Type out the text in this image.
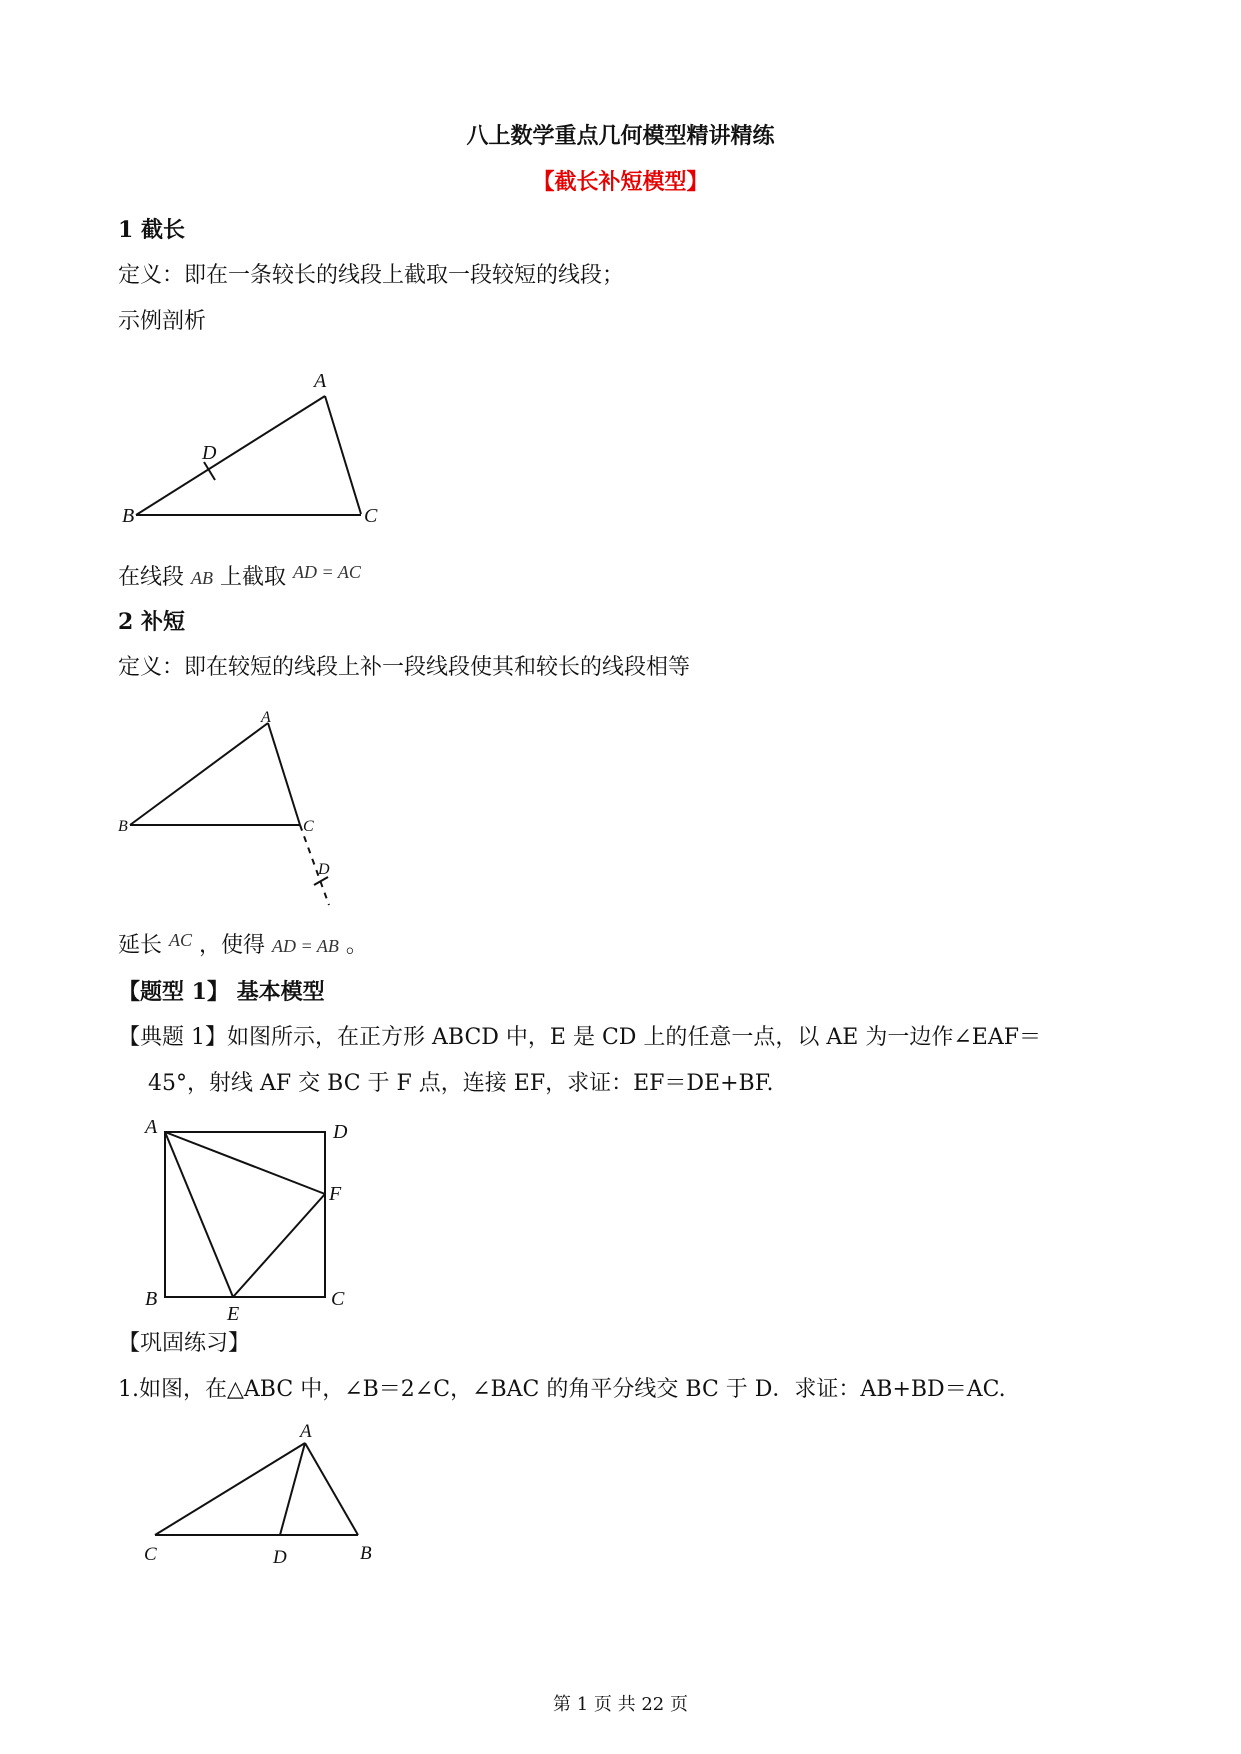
八上数学重点几何模型精讲精练
【截长补短模型】
1 截长
定义：即在一条较长的线段上截取一段较短的线段；
示例剖析
A
B	C
D
在线段 AB 上截取 $^{AD = AC}$
2 补短
定义：即在较短的线段上补一段线段使其和较长的线段相等
A
B	C
D
延长 $^{AC}$ ，使得 AD = AB 。
【题型 1】 基本模型
【典题 1】如图所示，在正方形 ABCD 中，E 是 CD 上的任意一点，以 AE 为一边作∠EAF＝
45°，射线 AF 交 BC 于 F 点，连接 EF，求证：EF＝DE+BF.
A
B	C
D
E
F
【巩固练习】
1.如图，在△ABC 中，∠B＝2∠C，∠BAC 的角平分线交 BC 于 D．求证：AB+BD＝AC.
A
B
C	D
第 1 页 共 22 页
